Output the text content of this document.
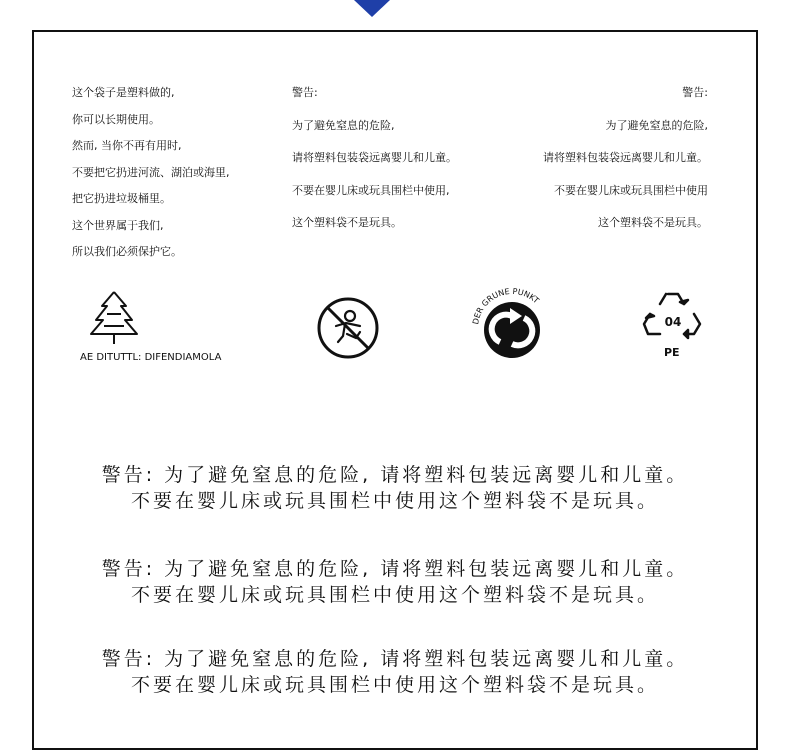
这个袋子是塑料做的,
你可以长期使用。
然而, 当你不再有用时,
不要把它扔进河流、湖泊或海里,
把它扔进垃圾桶里。
这个世界属于我们,
所以我们必须保护它。
警告:
为了避免窒息的危险,
请将塑料包装袋远离婴儿和儿童。
不要在婴儿床或玩具围栏中使用,
这个塑料袋不是玩具。
警告:
为了避免窒息的危险,
请将塑料包装袋远离婴儿和儿童。
不要在婴儿床或玩具围栏中使用
这个塑料袋不是玩具。
AE DITUTTL: DIFENDIAMOLA
DER GRUNE PUNKT
04
PE
警告: 为了避免窒息的危险, 请将塑料包装远离婴儿和儿童。
不要在婴儿床或玩具围栏中使用这个塑料袋不是玩具。
警告: 为了避免窒息的危险, 请将塑料包装远离婴儿和儿童。
不要在婴儿床或玩具围栏中使用这个塑料袋不是玩具。
警告: 为了避免窒息的危险, 请将塑料包装远离婴儿和儿童。
不要在婴儿床或玩具围栏中使用这个塑料袋不是玩具。
